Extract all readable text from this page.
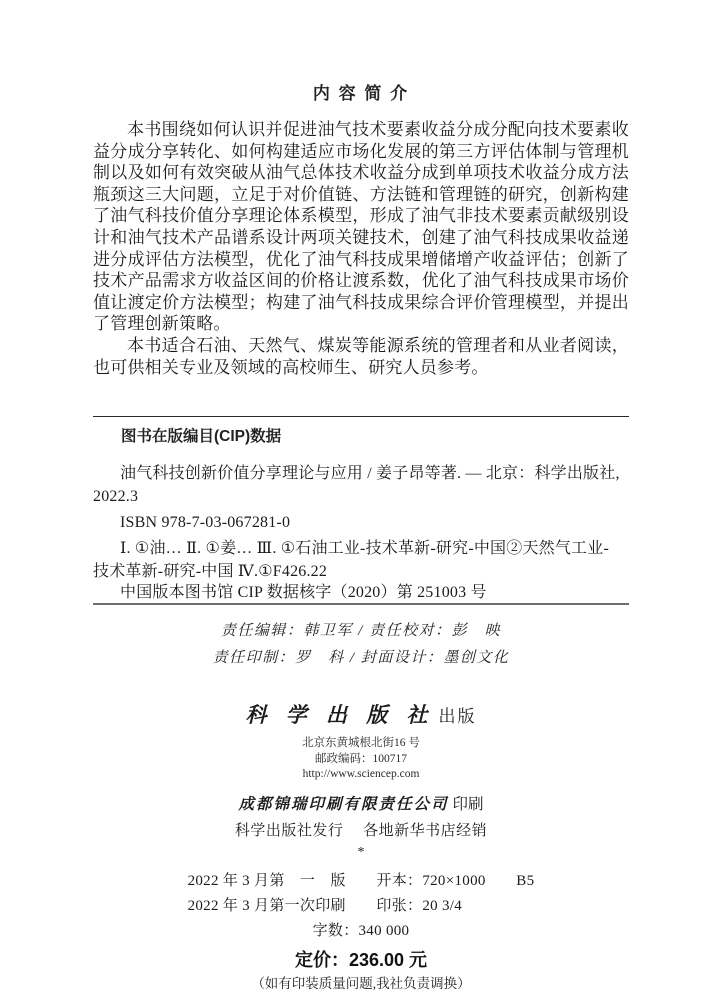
内 容 简 介

本书围绕如何认识并促进油气技术要素收益分成分配向技术要素收益分成分享转化、如何构建适应市场化发展的第三方评估体制与管理机制以及如何有效突破从油气总体技术收益分成到单项技术收益分成方法瓶颈这三大问题，立足于对价值链、方法链和管理链的研究，创新构建了油气科技价值分享理论体系模型，形成了油气非技术要素贡献级别设计和油气技术产品谱系设计两项关键技术，创建了油气科技成果收益递进分成评估方法模型，优化了油气科技成果增储增产收益评估；创新了技术产品需求方收益区间的价格让渡系数，优化了油气科技成果市场价值让渡定价方法模型；构建了油气科技成果综合评价管理模型，并提出了管理创新策略。

本书适合石油、天然气、煤炭等能源系统的管理者和从业者阅读，也可供相关专业及领域的高校师生、研究人员参考。

图书在版编目(CIP)数据
油气科技创新价值分享理论与应用 / 姜子昂等著. — 北京：科学出版社,
2022.3
ISBN 978-7-03-067281-0
Ⅰ. ①油… Ⅱ. ①姜… Ⅲ. ①石油工业-技术革新-研究-中国②天然气工业-
技术革新-研究-中国 Ⅳ.①F426.22
中国版本图书馆 CIP 数据核字（2020）第 251003 号
责任编辑：韩卫军 / 责任校对：彭　映
责任印制：罗　科 / 封面设计：墨创文化
科 学 出 版 社 出版
北京东黄城根北街16 号
邮政编码：100717
http://www.sciencep.com
成都锦瑞印刷有限责任公司 印刷
科学出版社发行　 各地新华书店经销
*
2022 年 3 月第　一　版　　开本：720×1000　　B5
2022 年 3 月第一次印刷　　印张：20 3/4
字数：340 000
定价：236.00 元
（如有印装质量问题,我社负责调换）
